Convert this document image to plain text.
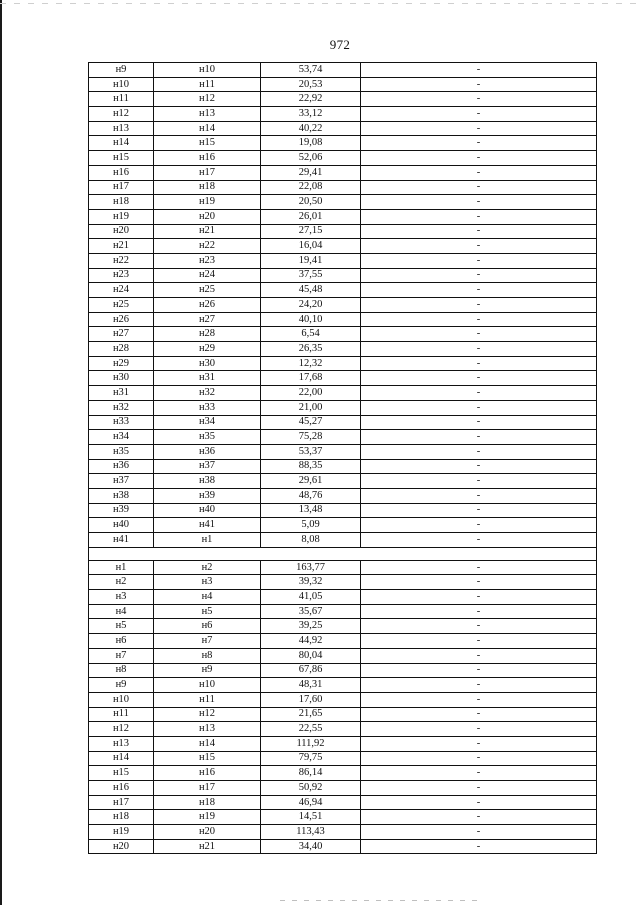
972
н9	н10	53,74	-
н10	н11	20,53	-
н11	н12	22,92	-
н12	н13	33,12	-
н13	н14	40,22	-
н14	н15	19,08	-
н15	н16	52,06	-
н16	н17	29,41	-
н17	н18	22,08	-
н18	н19	20,50	-
н19	н20	26,01	-
н20	н21	27,15	-
н21	н22	16,04	-
н22	н23	19,41	-
н23	н24	37,55	-
н24	н25	45,48	-
н25	н26	24,20	-
н26	н27	40,10	-
н27	н28	6,54	-
н28	н29	26,35	-
н29	н30	12,32	-
н30	н31	17,68	-
н31	н32	22,00	-
н32	н33	21,00	-
н33	н34	45,27	-
н34	н35	75,28	-
н35	н36	53,37	-
н36	н37	88,35	-
н37	н38	29,61	-
н38	н39	48,76	-
н39	н40	13,48	-
н40	н41	5,09	-
н41	н1	8,08	-

н1	н2	163,77	-
н2	н3	39,32	-
н3	н4	41,05	-
н4	н5	35,67	-
н5	н6	39,25	-
н6	н7	44,92	-
н7	н8	80,04	-
н8	н9	67,86	-
н9	н10	48,31	-
н10	н11	17,60	-
н11	н12	21,65	-
н12	н13	22,55	-
н13	н14	111,92	-
н14	н15	79,75	-
н15	н16	86,14	-
н16	н17	50,92	-
н17	н18	46,94	-
н18	н19	14,51	-
н19	н20	113,43	-
н20	н21	34,40	-
